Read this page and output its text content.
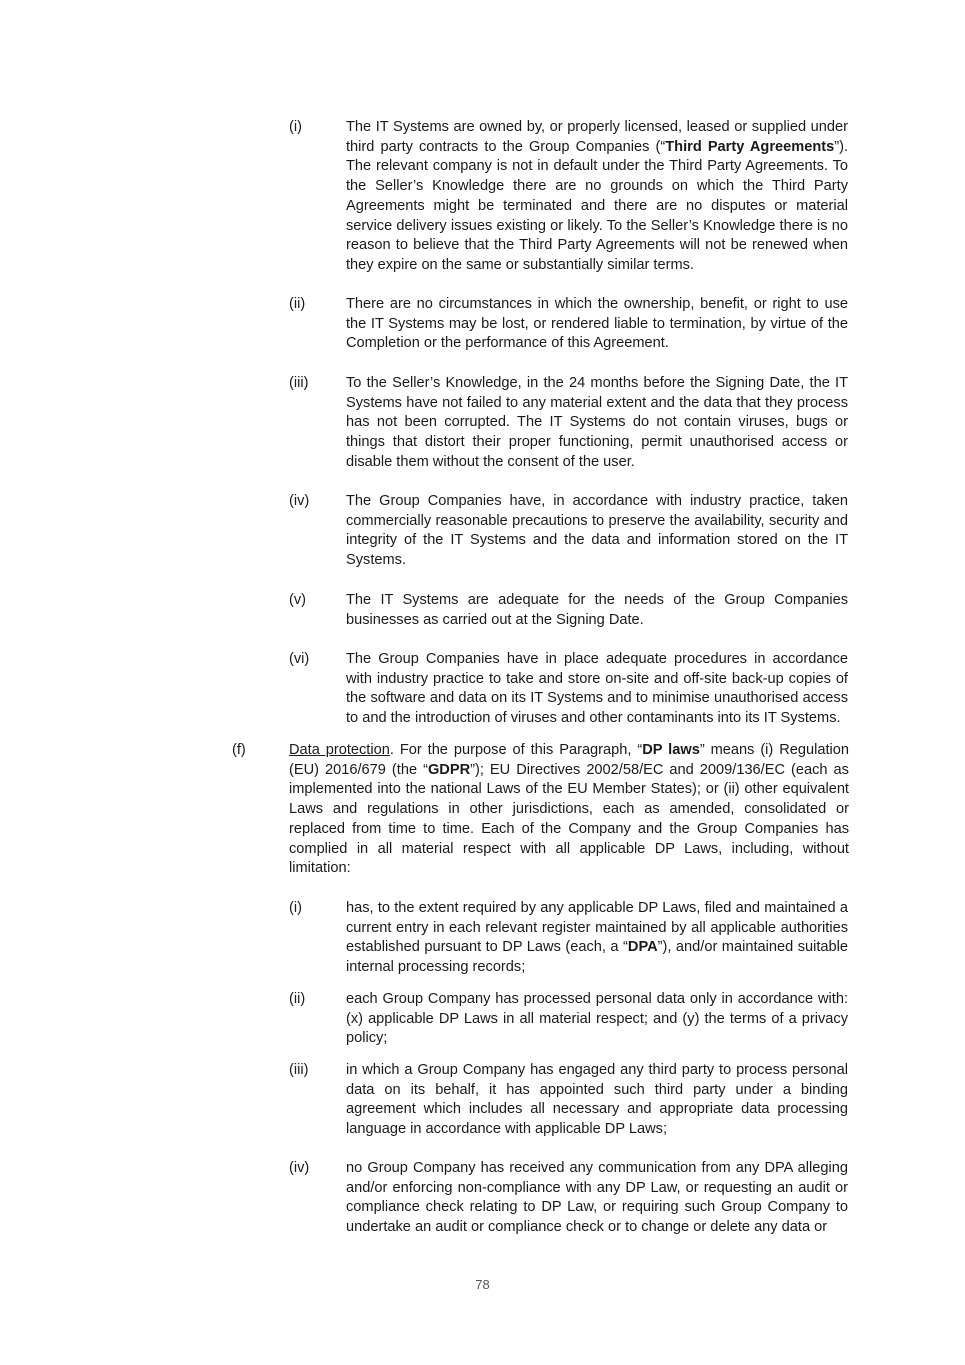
(i)	The IT Systems are owned by, or properly licensed, leased or supplied under third party contracts to the Group Companies (“Third Party Agreements”). The relevant company is not in default under the Third Party Agreements. To the Seller’s Knowledge there are no grounds on which the Third Party Agreements might be terminated and there are no disputes or material service delivery issues existing or likely. To the Seller’s Knowledge there is no reason to believe that the Third Party Agreements will not be renewed when they expire on the same or substantially similar terms.
(ii)	There are no circumstances in which the ownership, benefit, or right to use the IT Systems may be lost, or rendered liable to termination, by virtue of the Completion or the performance of this Agreement.
(iii)	To the Seller’s Knowledge, in the 24 months before the Signing Date, the IT Systems have not failed to any material extent and the data that they process has not been corrupted. The IT Systems do not contain viruses, bugs or things that distort their proper functioning, permit unauthorised access or disable them without the consent of the user.
(iv)	The Group Companies have, in accordance with industry practice, taken commercially reasonable precautions to preserve the availability, security and integrity of the IT Systems and the data and information stored on the IT Systems.
(v)	The IT Systems are adequate for the needs of the Group Companies businesses as carried out at the Signing Date.
(vi)	The Group Companies have in place adequate procedures in accordance with industry practice to take and store on-site and off-site back-up copies of the software and data on its IT Systems and to minimise unauthorised access to and the introduction of viruses and other contaminants into its IT Systems.
(f)	Data protection. For the purpose of this Paragraph, “DP laws” means (i) Regulation (EU) 2016/679 (the “GDPR”); EU Directives 2002/58/EC and 2009/136/EC (each as implemented into the national Laws of the EU Member States); or (ii) other equivalent Laws and regulations in other jurisdictions, each as amended, consolidated or replaced from time to time. Each of the Company and the Group Companies has complied in all material respect with all applicable DP Laws, including, without limitation:
(i)	has, to the extent required by any applicable DP Laws, filed and maintained a current entry in each relevant register maintained by all applicable authorities established pursuant to DP Laws (each, a “DPA”), and/or maintained suitable internal processing records;
(ii)	each Group Company has processed personal data only in accordance with: (x) applicable DP Laws in all material respect; and (y) the terms of a privacy policy;
(iii)	in which a Group Company has engaged any third party to process personal data on its behalf, it has appointed such third party under a binding agreement which includes all necessary and appropriate data processing language in accordance with applicable DP Laws;
(iv)	no Group Company has received any communication from any DPA alleging and/or enforcing non-compliance with any DP Law, or requesting an audit or compliance check relating to DP Law, or requiring such Group Company to undertake an audit or compliance check or to change or delete any data or
78
